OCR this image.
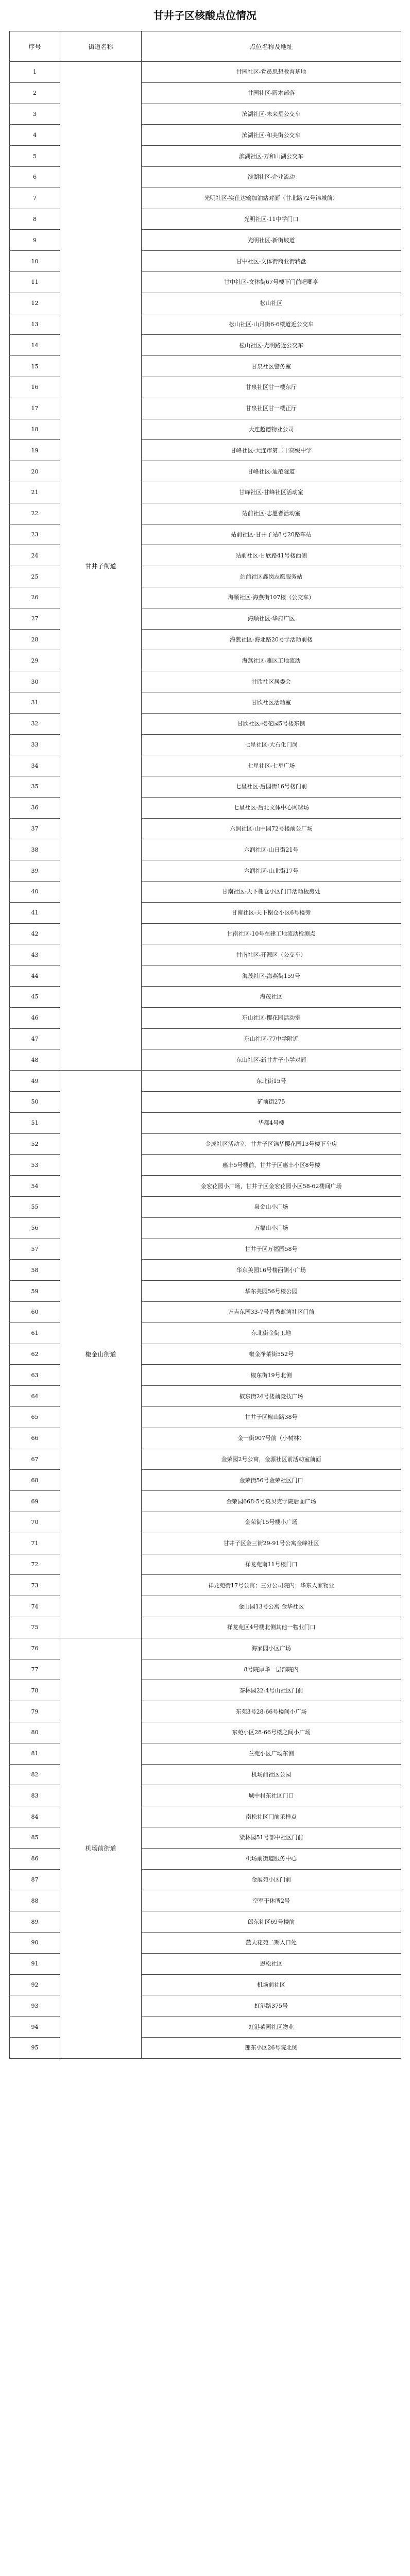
甘井子区核酸点位情况
序号	街道名称	点位名称及地址
1	甘井子街道	甘园社区-党员思想教育基地
2		甘园社区-圆木部落
3		滨湖社区-未来星公交车
4		滨湖社区-和美街公交车
5		滨湖社区-万和山湖公交车
6		滨湖社区-企业流动
7		光明社区-实仕达输加油站对面（甘北路72号锦城前）
8		光明社区-11中学门口
9		光明社区-新街坡道
10		甘中社区-文体街商业街转盘
11		甘中社区-文体街67号楼下门前吧唧亭
12		松山社区
13		松山社区-山月街6-6楼道近公交车
14		松山社区-光明路近公交车
15		甘泉社区警务室
16		甘泉社区甘一楼东厅
17		甘泉社区甘一楼正厅
18		大连超德物业公司
19		甘峰社区-大连市第二十高级中学
20		甘峰社区-迪范隧道
21		甘峰社区-甘峰社区活动室
22		站前社区-志愿者活动室
23		站前社区-甘井子站8号20路车站
24		站前社区-甘欣路41号楼西侧
25		站前社区鑫岗志愿服务站
26		海顺社区-海燕街107楼（公交车）
27		海顺社区-华府广区
28		海燕社区-海北路20号学活动前楼
29		海燕社区-雅区工地流动
30		甘欣社区居委会
31		甘欣社区活动室
32		甘欣社区-樱花园5号楼东侧
33		七星社区-大石化门岗
34		七星社区-七星广场
35		七星社区-后园街16号楼门前
36		七星社区-后北文体中心网球场
37		六润社区-山中园72号楼前公厂场
38		六润社区-山日街21号
39		六润社区-山北街17号
40		甘南社区-天下榭仓小区门口活动板房处
41		甘南社区-天下榭仓小区6号楼旁
42		甘南社区-10号在建工地流动检测点
43		甘南社区-开源区（公交车）
44		海茂社区-海燕街159号
45		海茂社区
46		东山社区-樱花园活动室
47		东山社区-77中学附近
48		东山社区-新甘井子小学对面
49	椒金山街道	东北街15号
50		矿前街275
51		华都4号楼
52		金成社区活动室，甘井子区锦华樱花园13号楼下车房
53		惠丰5号楼前，甘井子区惠丰小区8号楼
54		金宏花园小广场，甘井子区金宏花园小区58-62楼间广场
55		泉金山小广场
56		万福山小广场
57		甘井子区万福园58号
58		华东美园16号楼西侧小广场
59		华东美园56号楼公园
60		万吉东园33-7号青秀蓝湾社区门前
61		东北街金街工地
62		椒金净菜街552号
63		椒东街19号北侧
64		椒东街24号楼前竞技广场
65		甘井子区椒山路38号
66		金一街907号前（小树林）
67		金荣园2号公寓，金源社区前活动室前面
68		金荣街56号金荣社区门口
69		金荣园668-5号莫贝克学院后面广场
70		金荣街15号楼小广场
71		甘井子区金三街29-91号公寓金峰社区
72		祥龙苑南11号楼门口
73		祥龙苑街17号公寓；三分公司院内；华东人家物业
74		金山园13号公寓 金华社区
75		祥龙苑区4号楼北侧其他一物业门口
76	机场前街道	海家园小区广场
77		8号院厚华一层部院内
78		茶林园22-4号山社区门前
79		东苑3号28-66号楼间小广场
80		东苑小区28-66号楼之间小广场
81		兰苑小区广场东侧
82		机场前社区公园
83		城中村东社区门口
84		南松社区门前采样点
85		梁林园51号部中社区门前
86		机场前街道服务中心
87		金展苑小区门前
88		空军干休所2号
89		郎东社区69号楼前
90		蓝天花苑二期入口处
91		恩松社区
92		机场前社区
93		虹港路375号
94		虹港菜园社区物业
95		郎东小区26号院北侧
